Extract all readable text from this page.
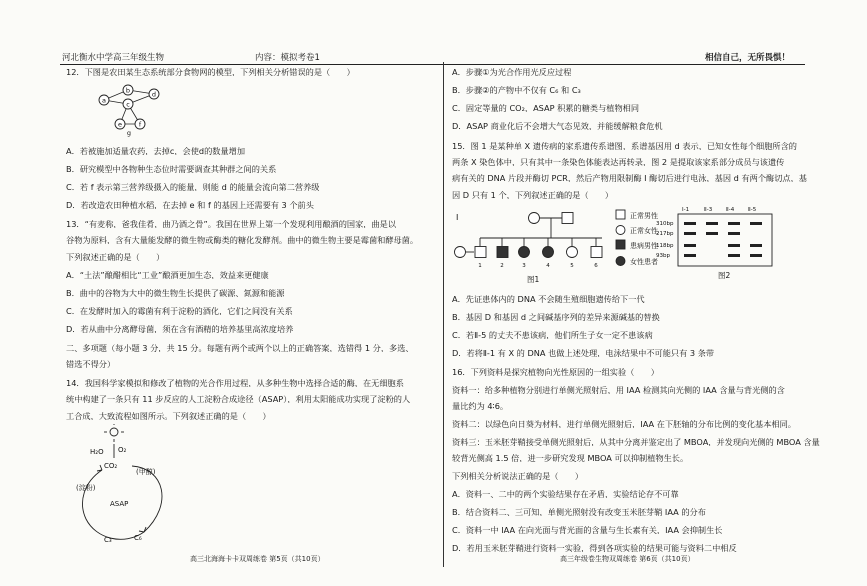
河北衡水中学高三年级生物	内容：模拟考卷1	相信自己，无所畏惧！
12．下图是农田某生态系统部分食物网的模型，下列相关分析错误的是（　　）
a
b
c
d
e	f
g
A．若被施加适量农药，去掉c，会使d的数量增加
B．研究模型中各物种生态位时需要调查其种群之间的关系
C．若 f 表示第三营养级摄入的能量，则能 d 的能量会流向第二营养级
D．若改造农田种植水稻，在去掉 e 和 f 的基因上还需要有 3 个前头
13．“有麦称，爸我佳肴，曲乃酒之骨”。我国在世界上第一个发现利用酿酒的国家，曲是以
谷物为原料，含有大量能发酵的微生物或酶类的糖化发酵剂。曲中的微生物主要是霉菌和酵母菌。
下列叙述正确的是（　　）
A．“土法”酿醋相比“工业”酿酒更加生态，效益来更健康
B．曲中的谷物为大中的微生物生长提供了碳源、氮源和能源
C．在发酵时加入的霉菌有利于淀粉的酒化，它们之间没有关系
D．若从曲中分离酵母菌，须在含有酒精的培养基里高浓度培养
二、多项题（每小题 3 分，共 15 分。每题有两个或两个以上的正确答案，选错得 1 分，多选、
错选不得分）
14．我国科学家模拟和修改了植物的光合作用过程，从多种生物中选择合适的酶，在无细胞系
统中构建了一条只有 11 步反应的人工淀粉合成途径（ASAP），利用太阳能成功实现了淀粉的人
工合成，大致流程如图所示。下列叙述正确的是（　　）
H₂O O₂
CO₂
(甲醇)
(淀粉)
ASAP
C₃	C₆
高三北海海卡卡双周练卷 第5页（共10页）
A．步骤①为光合作用光反应过程
B．步骤②的产物中不仅有 C₆ 和 C₃
C．固定等量的 CO₂，ASAP 积累的糖类与植物相同
D．ASAP 商业化后不会增大气态见效，并能缓解粮食危机
15．图 1 是某种单 X 遗传病的家系遗传系谱图，系谱基因用 d 表示，已知女性每个细胞所含的
两条 X 染色体中，只有其中一条染色体能表达再转录，图 2 是提取该家系部分成员与该遗传
病有关的 DNA 片段并酶切 PCR，然后产物用限制酶 I 酶切后进行电泳，基因 d 有两个酶切点，基
因 D 只有 1 个，下列叙述正确的是（　　）
Ⅰ
1	2	3	4	5	6
图1
正常男性
正常女性
患病男性
女性患者
Ⅰ-1	Ⅱ-3	Ⅱ-4	Ⅱ-5
310bp
217bp
118bp
93bp
图2
A．先证患体内的 DNA 不会随生殖细胞遗传给下一代
B．基因 D 和基因 d 之间碱基序列的差异来源碱基的替换
C．若Ⅱ-5 的丈夫不患该病，他们所生子女一定不患该病
D．若将Ⅱ-1 有 X 的 DNA 也做上述处理，电泳结果中不可能只有 3 条带
16．下列资料是探究植物向光性原因的一组实验（　　）
资料一：给多种植物分别进行单侧光照射后，用 IAA 检测其向光侧的 IAA 含量与背光侧的含
量比约为 4∶6。
资料二：以绿色向日葵为材料，进行单侧光照射后，IAA 在下胚轴的分布比例的变化基本相同。
资料三：玉米胚芽鞘接受单侧光照射后，从其中分离并鉴定出了 MBOA，并发现向光侧的 MBOA 含量
较背光侧高 1.5 倍，进一步研究发现 MBOA 可以抑制植物生长。
下列相关分析说法正确的是（　　）
A．资料一、二中的两个实验结果存在矛盾，实验结论存不可靠
B．结合资料二、三可知，单侧光照射没有改变玉米胚芽鞘 IAA 的分布
C．资料一中 IAA 在向光面与背光面的含量与生长素有关，IAA 会抑制生长
D．若用玉米胚芽鞘进行资料一实验，得到各项实验的结果可能与资料二中相反
高三年级卷生物双周练卷 第6页（共10页）
